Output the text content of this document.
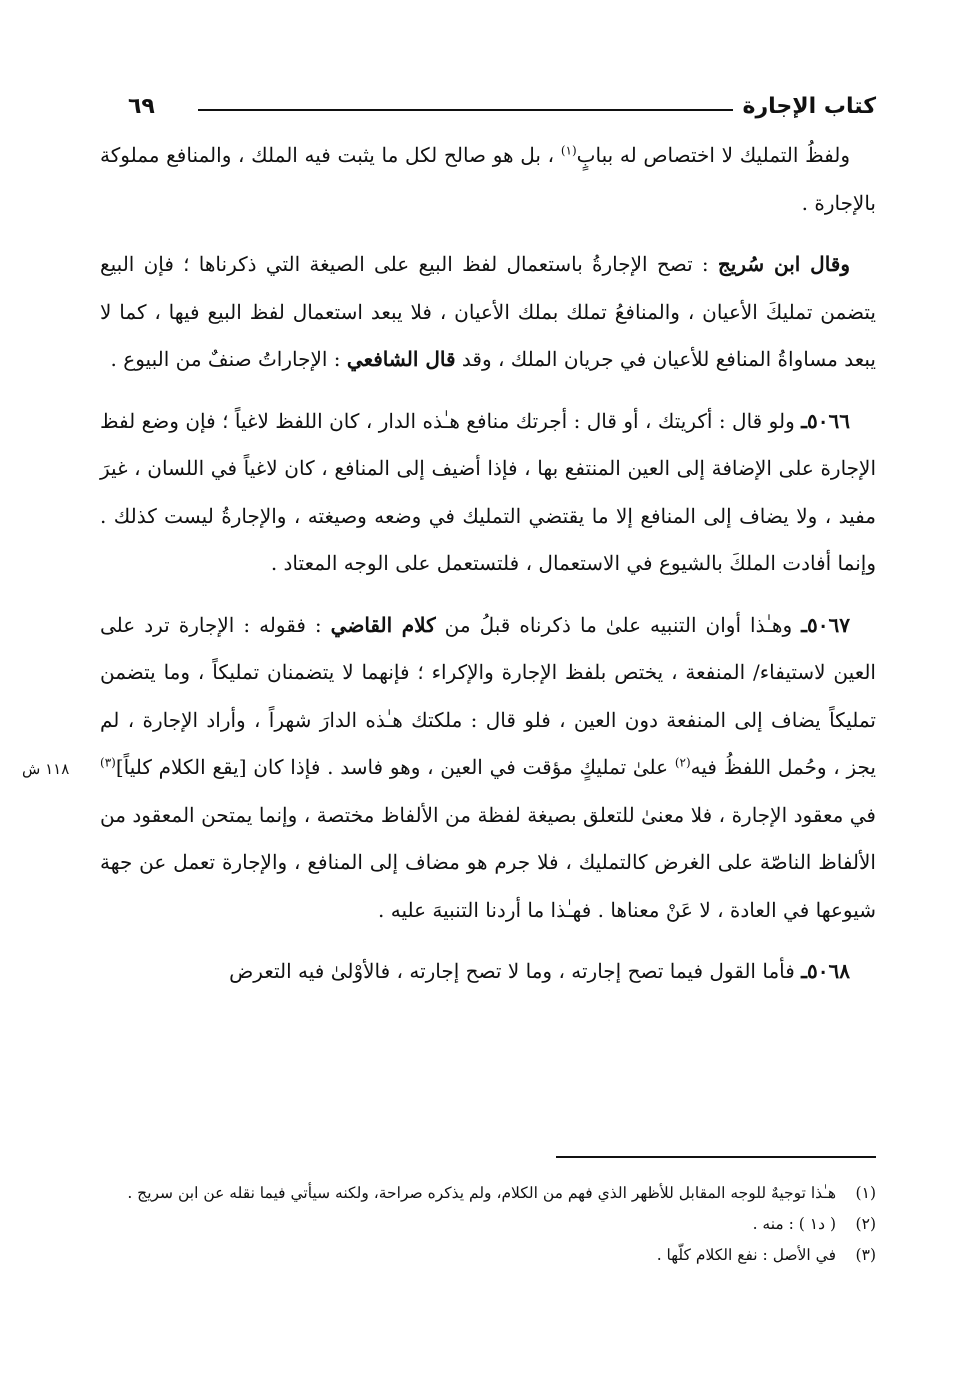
٦٩	كتاب الإجارة

ولفظُ التمليك لا اختصاص له ببابٍ$^{(١)}$ ، بل هو صالح لكل ما يثبت فيه الملك ، والمنافع مملوكة بالإجارة .

وقال ابن سُريج : تصح الإجارةُ باستعمال لفظ البيع على الصيغة التي ذكرناها ؛ فإن البيع يتضمن تمليكَ الأعيان ، والمنافعُ تملك بملك الأعيان ، فلا يبعد استعمال لفظ البيع فيها ، كما لا يبعد مساواةُ المنافع للأعيان في جريان الملك ، وقد قال الشافعي : الإجاراتُ صنفٌ من البيوع .

٥٠٦٦ـ ولو قال : أكريتك ، أو قال : أجرتك منافع هـٰذه الدار ، كان اللفظ لاغياً ؛ فإن وضع لفظ الإجارة على الإضافة إلى العين المنتفع بها ، فإذا أضيف إلى المنافع ، كان لاغياً في اللسان ، غيرَ مفيد ، ولا يضاف إلى المنافع إلا ما يقتضي التمليك في وضعه وصيغته ، والإجارةُ ليست كذلك . وإنما أفادت الملكَ بالشيوع في الاستعمال ، فلتستعمل على الوجه المعتاد .

٥٠٦٧ـ وهـٰذا أوان التنبيه علىٰ ما ذكرناه قبلُ من كلام القاضي : فقوله : الإجارة ترد على العين لاستيفاء/ المنفعة ، يختص بلفظ الإجارة والإكراء ؛ فإنهما لا يتضمنان تمليكاً ، وما يتضمن تمليكاً يضاف إلى المنفعة دون العين ، فلو قال : ملكتك هـٰذه الدارَ شهراً ، وأراد الإجارة ، لم يجز ، وحُمل اللفظُ فيه$^{(٢)}$ علىٰ تمليكٍ مؤقت في العين ، وهو فاسد . فإذا كان [يقع الكلام كلياً]$^{(٣)}$ في معقود الإجارة ، فلا معنىٰ للتعلق بصيغة لفظة من الألفاظ مختصة ، وإنما يمتحن المعقود من الألفاظ الناصّة على الغرض كالتمليك ، فلا جرم هو مضاف إلى المنافع ، والإجارة تعمل عن جهة شيوعها في العادة ، لا عَنْ معناها . فهـٰذا ما أردنا التنبيهَ عليه .

٥٠٦٨ـ فأما القول فيما تصح إجارته ، وما لا تصح إجارته ، فالأوْلىٰ فيه التعرض

١١٨ ش
(١)
هـٰذا توجيهٌ للوجه المقابل للأظهر الذي فهم من الكلام، ولم يذكره صراحة، ولكنه سيأتي فيما نقله عن ابن سريج .
(٢)
( د١ ) : منه .
(٣)
في الأصل : نفع الكلام كلّها .
